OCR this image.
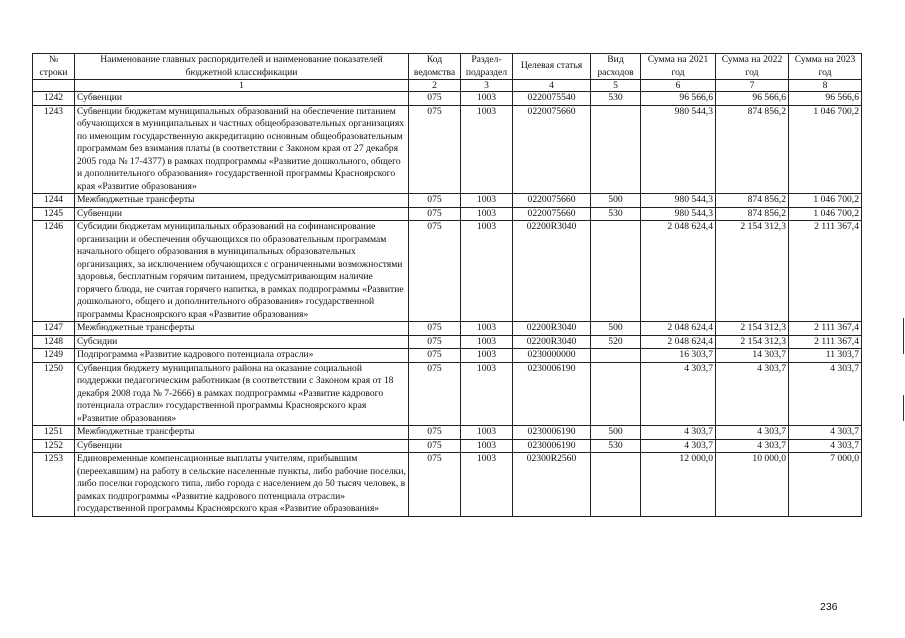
№ строки	Наименование главных распорядителей и наименование показателей бюджетной классификации	Код ведомства	Раздел-подраздел	Целевая статья	Вид расходов	Сумма на 2021 год	Сумма на 2022 год	Сумма на 2023 год
	1	2	3	4	5	6	7	8
1242	Субвенции	075	1003	0220075540	530	96 566,6	96 566,6	96 566,6
1243	Субвенции бюджетам муниципальных образований на обеспечение питанием обучающихся в муниципальных и частных общеобразовательных организациях по имеющим государственную аккредитацию основным общеобразовательным программам без взимания платы (в соответствии с Законом края от 27 декабря 2005 года № 17-4377) в рамках подпрограммы «Развитие дошкольного, общего и дополнительного образования» государственной программы Красноярского края «Развитие образования»	075	1003	0220075660		980 544,3	874 856,2	1 046 700,2
1244	Межбюджетные трансферты	075	1003	0220075660	500	980 544,3	874 856,2	1 046 700,2
1245	Субвенции	075	1003	0220075660	530	980 544,3	874 856,2	1 046 700,2
1246	Субсидии бюджетам муниципальных образований на софинансирование организации и обеспечения обучающихся по образовательным программам начального общего образования в муниципальных образовательных организациях, за исключением обучающихся с ограниченными возможностями здоровья, бесплатным горячим питанием, предусматривающим наличие горячего блюда, не считая горячего напитка, в рамках подпрограммы «Развитие дошкольного, общего и дополнительного образования» государственной программы Красноярского края «Развитие образования»	075	1003	02200R3040		2 048 624,4	2 154 312,3	2 111 367,4
1247	Межбюджетные трансферты	075	1003	02200R3040	500	2 048 624,4	2 154 312,3	2 111 367,4
1248	Субсидии	075	1003	02200R3040	520	2 048 624,4	2 154 312,3	2 111 367,4
1249	Подпрограмма «Развитие кадрового потенциала отрасли»	075	1003	0230000000		16 303,7	14 303,7	11 303,7
1250	Субвенция бюджету муниципального района на оказание социальной поддержки педагогическим работникам (в соответствии с Законом края от 18 декабря 2008 года № 7-2666) в рамках подпрограммы «Развитие кадрового потенциала отрасли» государственной программы Красноярского края «Развитие образования»	075	1003	0230006190		4 303,7	4 303,7	4 303,7
1251	Межбюджетные трансферты	075	1003	0230006190	500	4 303,7	4 303,7	4 303,7
1252	Субвенции	075	1003	0230006190	530	4 303,7	4 303,7	4 303,7
1253	Единовременные компенсационные выплаты учителям, прибывшим (переехавшим) на работу в сельские населенные пункты, либо рабочие поселки, либо поселки городского типа, либо города с населением до 50 тысяч человек, в рамках подпрограммы «Развитие кадрового потенциала отрасли» государственной программы Красноярского края «Развитие образования»	075	1003	02300R2560		12 000,0	10 000,0	7 000,0
236
